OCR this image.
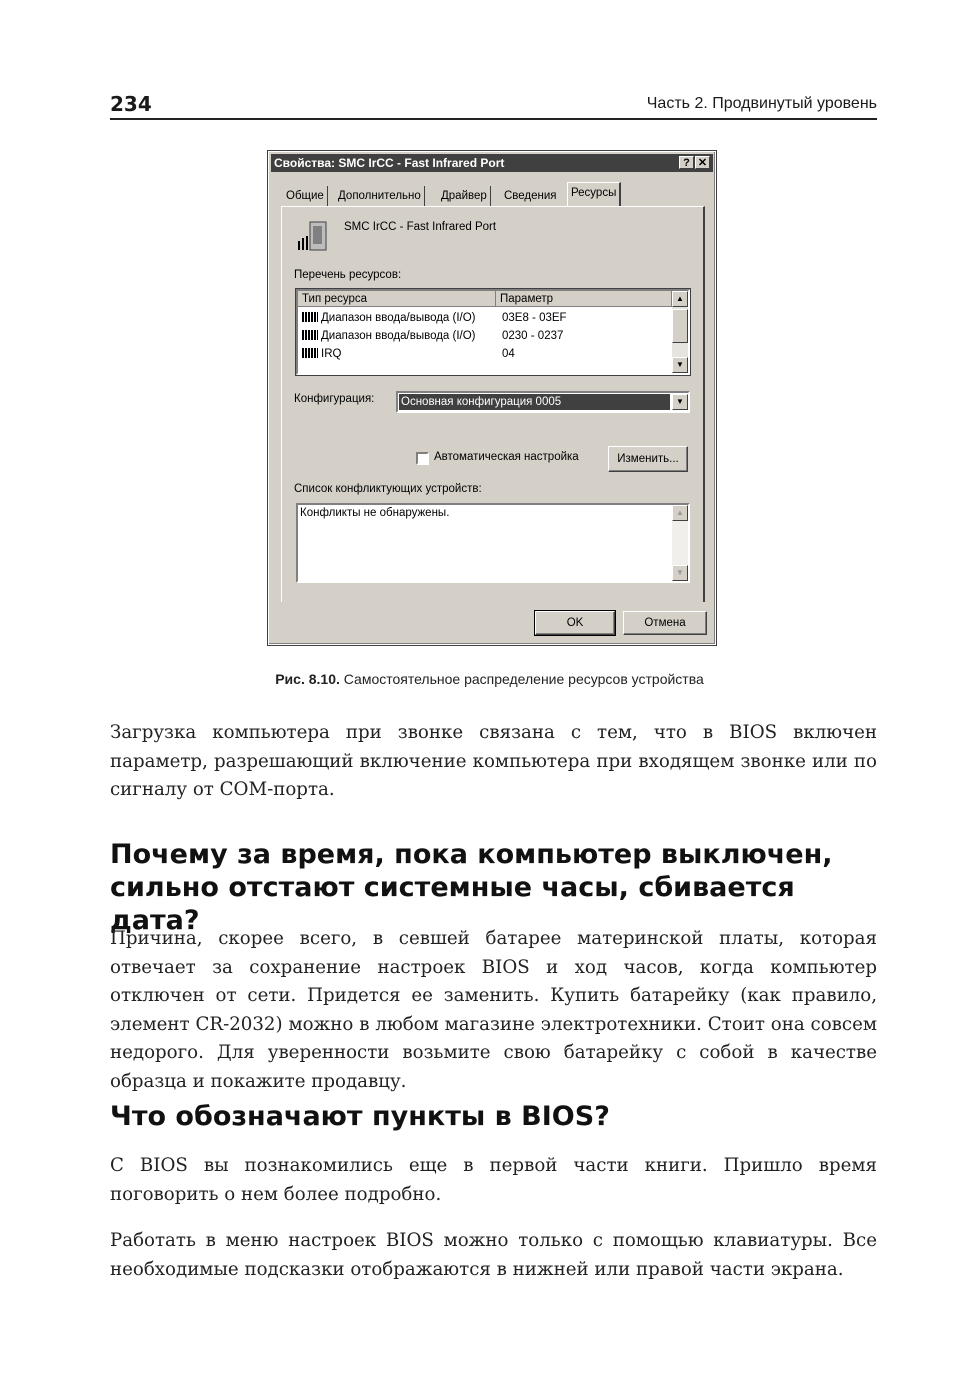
234	Часть 2. Продвинутый уровень
Свойства: SMC IrCC - Fast Infrared Port	? ✕
Общие	Дополнительно	Драйвер	Сведения	Ресурсы
SMC IrCC - Fast Infrared Port
Перечень ресурсов:
Тип ресурса	Параметр
Диапазон ввода/вывода (I/O) 03E8 - 03EF
Диапазон ввода/вывода (I/O) 0230 - 0237
IRQ	04
▲
▼
Конфигурация: Основная конфигурация 0005	▼
Автоматическая настройка	Изменить...
Список конфликтующих устройств:
Конфликты не обнаружены.	▲
▼
OK	Отмена
Рис. 8.10. Самостоятельное распределение ресурсов устройства

Загрузка компьютера при звонке связана с тем, что в BIOS включен параметр, разрешающий включение компьютера при входящем звонке или по сигналу от COM-порта.

Почему за время, пока компьютер выключен, сильно отстают системные часы, сбивается дата?

Причина, скорее всего, в севшей батарее материнской платы, которая отвечает за сохранение настроек BIOS и ход часов, когда компьютер отключен от сети. Придется ее заменить. Купить батарейку (как правило, элемент CR-2032) можно в любом магазине электротехники. Стоит она совсем недорого. Для уверенности возьмите свою батарейку с собой в качестве образца и покажите продавцу.

Что обозначают пункты в BIOS?

С BIOS вы познакомились еще в первой части книги. Пришло время поговорить о нем более подробно.

Работать в меню настроек BIOS можно только с помощью клавиатуры. Все необходимые подсказки отображаются в нижней или правой части экрана.
